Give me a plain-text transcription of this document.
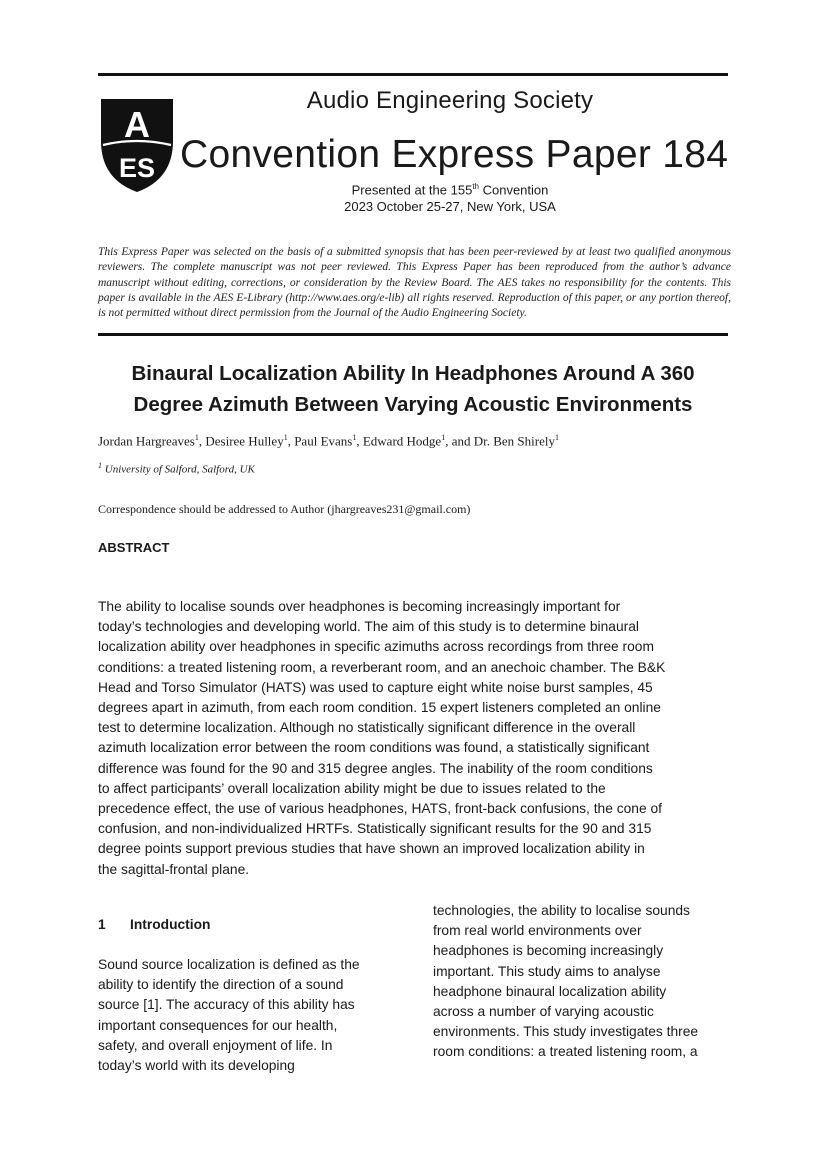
A
ES
Audio Engineering Society
Convention Express Paper 184
Presented at the 155th Convention
2023 October 25-27, New York, USA
This Express Paper was selected on the basis of a submitted synopsis that has been peer-reviewed by at least two qualified anonymous reviewers. The complete manuscript was not peer reviewed. This Express Paper has been reproduced from the author’s advance manuscript without editing, corrections, or consideration by the Review Board. The AES takes no responsibility for the contents. This paper is available in the AES E-Library (http://www.aes.org/e-lib) all rights reserved. Reproduction of this paper, or any portion thereof, is not permitted without direct permission from the Journal of the Audio Engineering Society.
Binaural Localization Ability In Headphones Around A 360
Degree Azimuth Between Varying Acoustic Environments
Jordan Hargreaves$^1$, Desiree Hulley$^1$, Paul Evans$^1$, Edward Hodge$^1$, and Dr. Ben Shirely$^1$
$^1$ University of Salford, Salford, UK
Correspondence should be addressed to Author (jhargreaves231@gmail.com)
ABSTRACT
The ability to localise sounds over headphones is becoming increasingly important for
today’s technologies and developing world. The aim of this study is to determine binaural
localization ability over headphones in specific azimuths across recordings from three room
conditions: a treated listening room, a reverberant room, and an anechoic chamber. The B&K
Head and Torso Simulator (HATS) was used to capture eight white noise burst samples, 45
degrees apart in azimuth, from each room condition. 15 expert listeners completed an online
test to determine localization. Although no statistically significant difference in the overall
azimuth localization error between the room conditions was found, a statistically significant
difference was found for the 90 and 315 degree angles. The inability of the room conditions
to affect participants’ overall localization ability might be due to issues related to the
precedence effect, the use of various headphones, HATS, front-back confusions, the cone of
confusion, and non-individualized HRTFs. Statistically significant results for the 90 and 315
degree points support previous studies that have shown an improved localization ability in
the sagittal-frontal plane.
1 Introduction
Sound source localization is defined as the
ability to identify the direction of a sound
source [1]. The accuracy of this ability has
important consequences for our health,
safety, and overall enjoyment of life. In
today’s world with its developing
technologies, the ability to localise sounds
from real world environments over
headphones is becoming increasingly
important. This study aims to analyse
headphone binaural localization ability
across a number of varying acoustic
environments. This study investigates three
room conditions: a treated listening room, a
